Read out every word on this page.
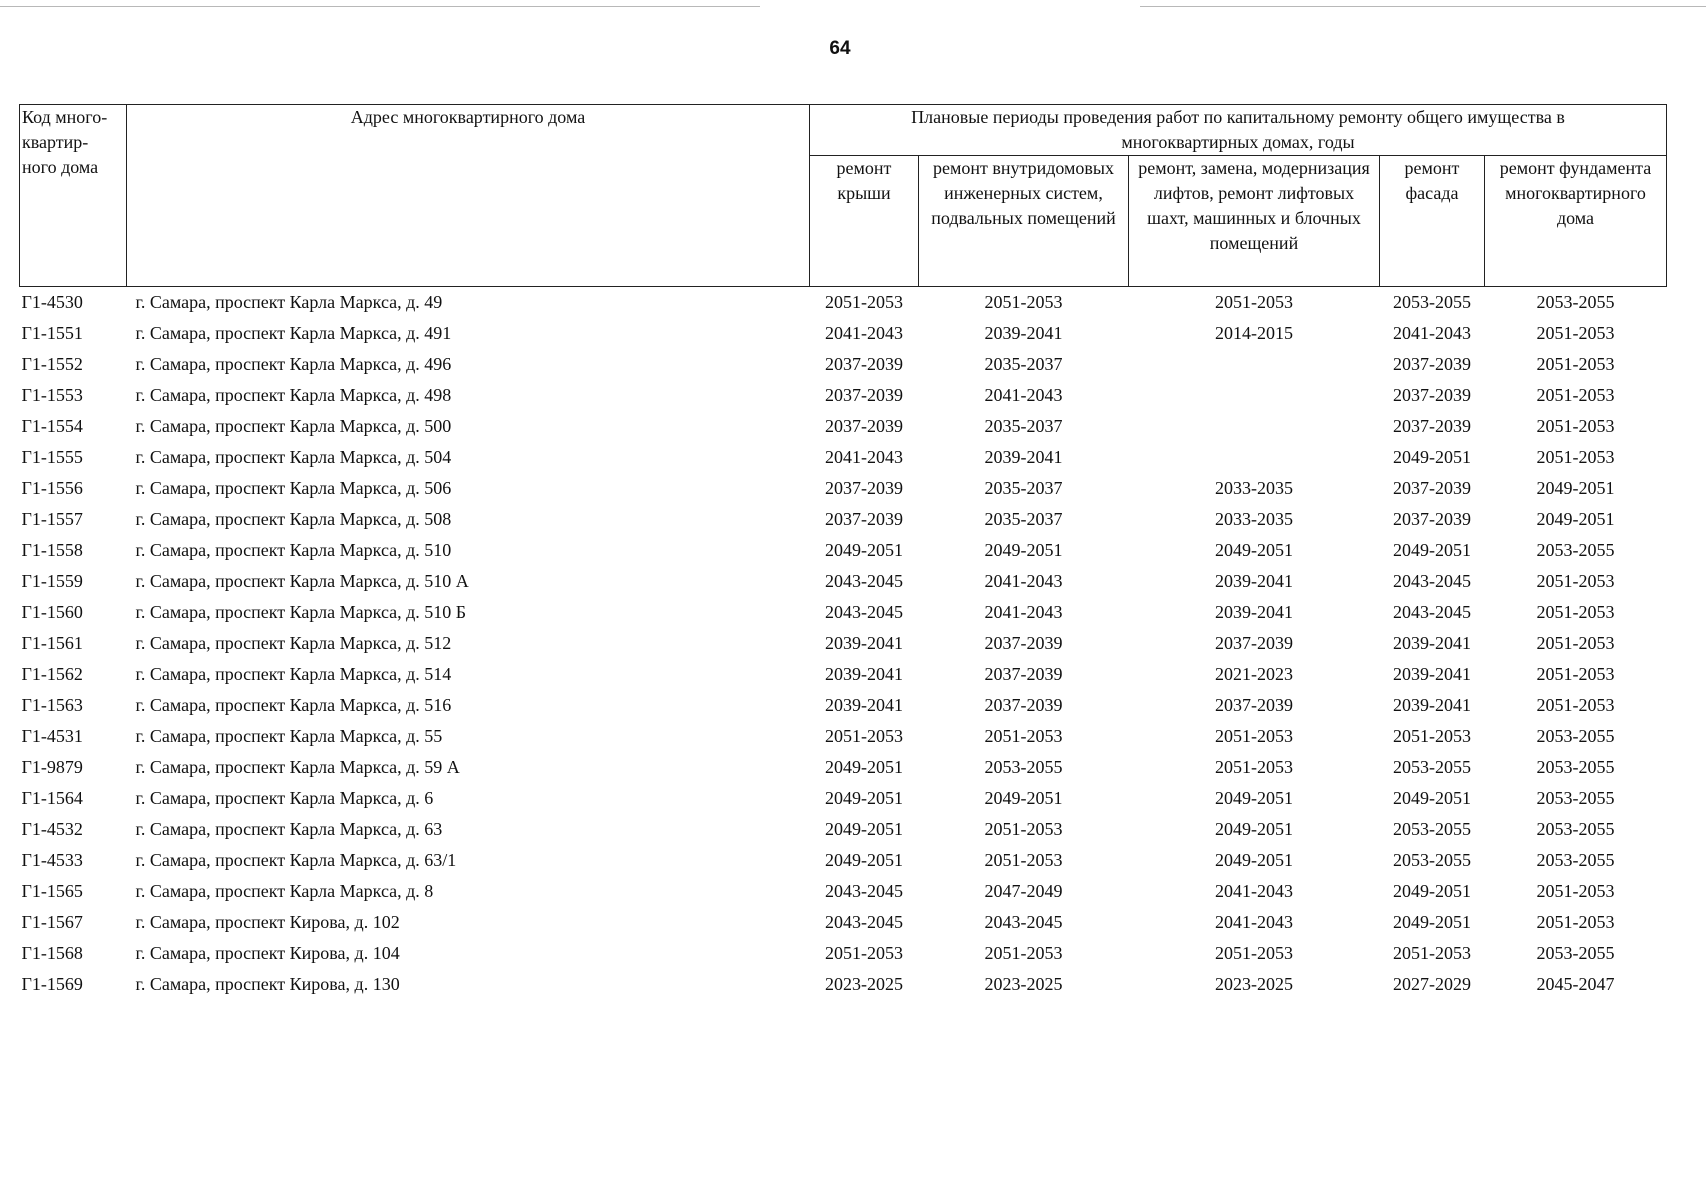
64
Код много-квартир-ного дома	Адрес многоквартирного дома	Плановые периоды проведения работ по капитальному ремонту общего имущества в многоквартирных домах, годы				

		ремонт крыши	ремонт внутридомовых инженерных систем, подвальных помещений	ремонт, замена, модернизация лифтов, ремонт лифтовых шахт, машинных и блочных помещений	ремонт фасада	ремонт фундамента многоквартирного дома

Г1-4530	г. Самара, проспект Карла Маркса, д. 49	2051-2053	2051-2053	2051-2053	2053-2055	2053-2055
Г1-1551	г. Самара, проспект Карла Маркса, д. 491	2041-2043	2039-2041	2014-2015	2041-2043	2051-2053
Г1-1552	г. Самара, проспект Карла Маркса, д. 496	2037-2039	2035-2037		2037-2039	2051-2053
Г1-1553	г. Самара, проспект Карла Маркса, д. 498	2037-2039	2041-2043		2037-2039	2051-2053
Г1-1554	г. Самара, проспект Карла Маркса, д. 500	2037-2039	2035-2037		2037-2039	2051-2053
Г1-1555	г. Самара, проспект Карла Маркса, д. 504	2041-2043	2039-2041		2049-2051	2051-2053
Г1-1556	г. Самара, проспект Карла Маркса, д. 506	2037-2039	2035-2037	2033-2035	2037-2039	2049-2051
Г1-1557	г. Самара, проспект Карла Маркса, д. 508	2037-2039	2035-2037	2033-2035	2037-2039	2049-2051
Г1-1558	г. Самара, проспект Карла Маркса, д. 510	2049-2051	2049-2051	2049-2051	2049-2051	2053-2055
Г1-1559	г. Самара, проспект Карла Маркса, д. 510 А	2043-2045	2041-2043	2039-2041	2043-2045	2051-2053
Г1-1560	г. Самара, проспект Карла Маркса, д. 510 Б	2043-2045	2041-2043	2039-2041	2043-2045	2051-2053
Г1-1561	г. Самара, проспект Карла Маркса, д. 512	2039-2041	2037-2039	2037-2039	2039-2041	2051-2053
Г1-1562	г. Самара, проспект Карла Маркса, д. 514	2039-2041	2037-2039	2021-2023	2039-2041	2051-2053
Г1-1563	г. Самара, проспект Карла Маркса, д. 516	2039-2041	2037-2039	2037-2039	2039-2041	2051-2053
Г1-4531	г. Самара, проспект Карла Маркса, д. 55	2051-2053	2051-2053	2051-2053	2051-2053	2053-2055
Г1-9879	г. Самара, проспект Карла Маркса, д. 59 А	2049-2051	2053-2055	2051-2053	2053-2055	2053-2055
Г1-1564	г. Самара, проспект Карла Маркса, д. 6	2049-2051	2049-2051	2049-2051	2049-2051	2053-2055
Г1-4532	г. Самара, проспект Карла Маркса, д. 63	2049-2051	2051-2053	2049-2051	2053-2055	2053-2055
Г1-4533	г. Самара, проспект Карла Маркса, д. 63/1	2049-2051	2051-2053	2049-2051	2053-2055	2053-2055
Г1-1565	г. Самара, проспект Карла Маркса, д. 8	2043-2045	2047-2049	2041-2043	2049-2051	2051-2053
Г1-1567	г. Самара, проспект Кирова, д. 102	2043-2045	2043-2045	2041-2043	2049-2051	2051-2053
Г1-1568	г. Самара, проспект Кирова, д. 104	2051-2053	2051-2053	2051-2053	2051-2053	2053-2055
Г1-1569	г. Самара, проспект Кирова, д. 130	2023-2025	2023-2025	2023-2025	2027-2029	2045-2047
